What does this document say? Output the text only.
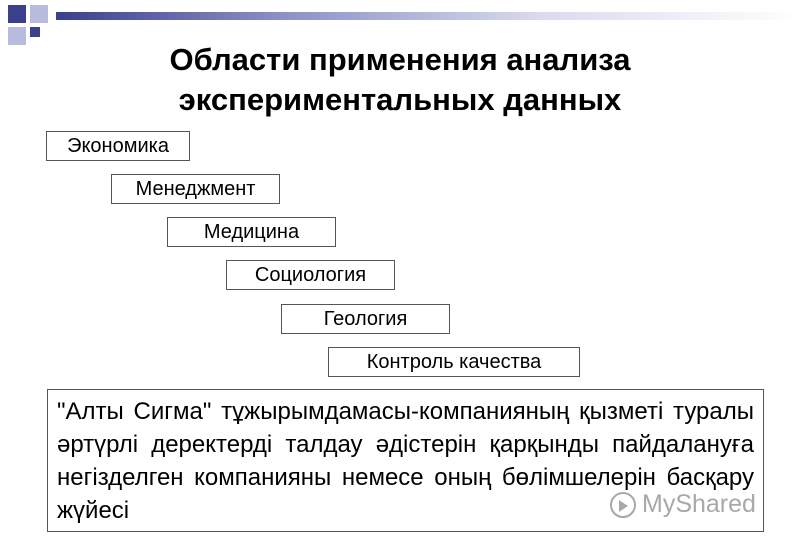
Области применения анализа
экспериментальных данных
Экономика
Менеджмент
Медицина
Социология
Геология
Контроль качества
"Алты Сигма" тұжырымдамасы-компанияның қызметі туралы әртүрлі деректерді талдау әдістерін қарқынды пайдалануға негізделген компанияны немесе оның бөлімшелерін басқару жүйесі	MyShared
